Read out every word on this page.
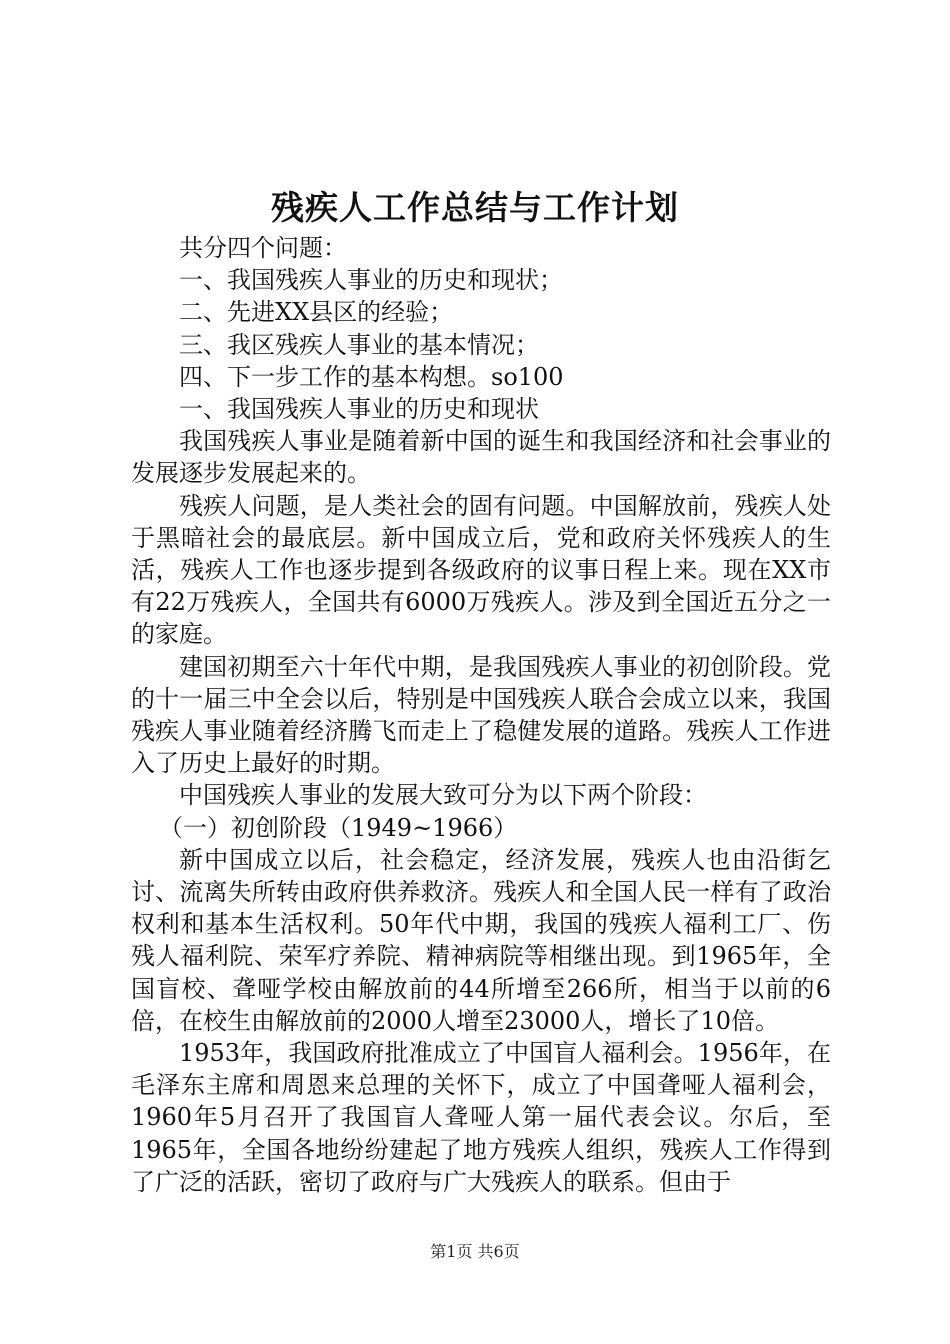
残疾人工作总结与工作计划
共分四个问题：
一、我国残疾人事业的历史和现状；
二、先进XX县区的经验；
三、我区残疾人事业的基本情况；
四、下一步工作的基本构想。so100
一、我国残疾人事业的历史和现状

我国残疾人事业是随着新中国的诞生和我国经济和社会事业的发展逐步发展起来的。

残疾人问题，是人类社会的固有问题。中国解放前，残疾人处于黑暗社会的最底层。新中国成立后，党和政府关怀残疾人的生活，残疾人工作也逐步提到各级政府的议事日程上来。现在XX市有22万残疾人，全国共有6000万残疾人。涉及到全国近五分之一的家庭。

建国初期至六十年代中期，是我国残疾人事业的初创阶段。党的十一届三中全会以后，特别是中国残疾人联合会成立以来，我国残疾人事业随着经济腾飞而走上了稳健发展的道路。残疾人工作进入了历史上最好的时期。

中国残疾人事业的发展大致可分为以下两个阶段：

（一）初创阶段（1949~1966）

新中国成立以后，社会稳定，经济发展，残疾人也由沿街乞讨、流离失所转由政府供养救济。残疾人和全国人民一样有了政治权利和基本生活权利。50年代中期，我国的残疾人福利工厂、伤残人福利院、荣军疗养院、精神病院等相继出现。到1965年，全国盲校、聋哑学校由解放前的44所增至266所，相当于以前的6倍，在校生由解放前的2000人增至23000人，增长了10倍。

1953年，我国政府批准成立了中国盲人福利会。1956年，在毛泽东主席和周恩来总理的关怀下，成立了中国聋哑人福利会，1960年5月召开了我国盲人聋哑人第一届代表会议。尔后，至1965年，全国各地纷纷建起了地方残疾人组织，残疾人工作得到了广泛的活跃，密切了政府与广大残疾人的联系。但由于

第1页 共6页
